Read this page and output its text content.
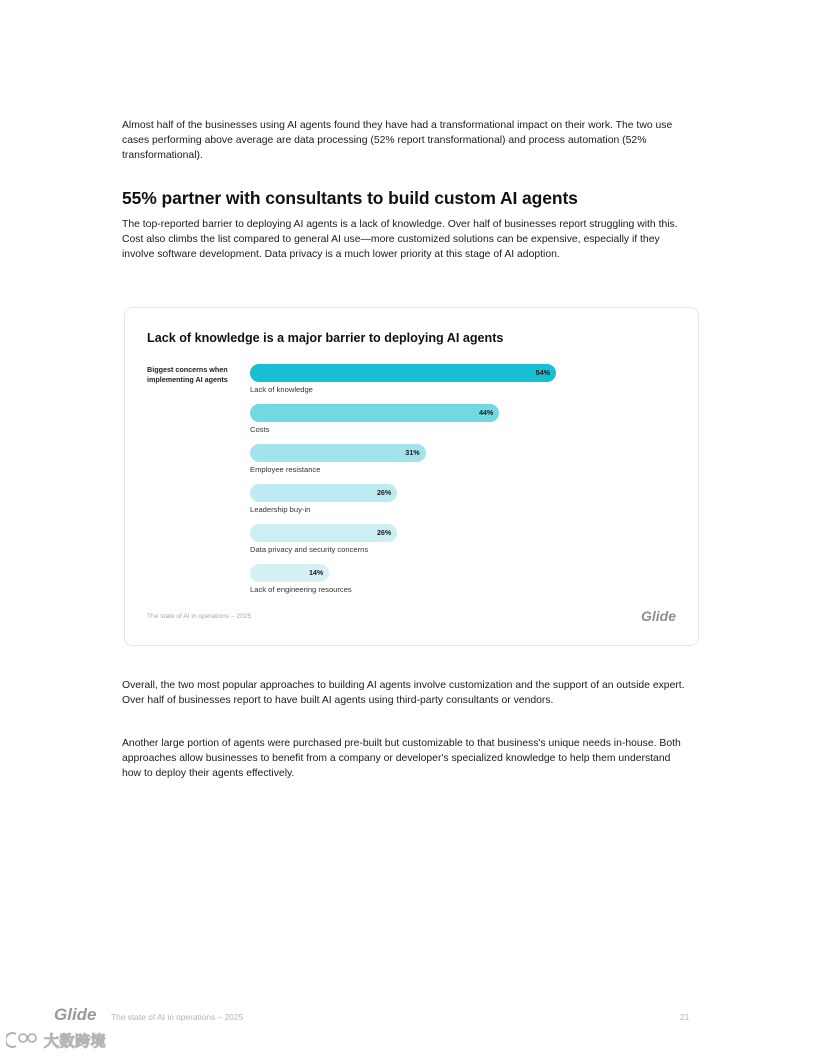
Almost half of the businesses using AI agents found they have had a transformational impact on their work. The two use cases performing above average are data processing (52% report transformational) and process automation (52% transformational).

55% partner with consultants to build custom AI agents

The top-reported barrier to deploying AI agents is a lack of knowledge. Over half of businesses report struggling with this. Cost also climbs the list compared to general AI use—more customized solutions can be expensive, especially if they involve software development. Data privacy is a much lower priority at this stage of AI adoption.

Lack of knowledge is a major barrier to deploying AI agents
Biggest concerns when implementing AI agents
54%
Lack of knowledge
44%
Costs
31%
Employee resistance
26%
Leadership buy-in
26%
Data privacy and security concerns
14%
Lack of engineering resources
The state of AI in operations – 2025	Glide

Overall, the two most popular approaches to building AI agents involve customization and the support of an outside expert. Over half of businesses report to have built AI agents using third-party consultants or vendors.

Another large portion of agents were purchased pre-built but customizable to that business's unique needs in-house. Both approaches allow businesses to benefit from a company or developer's specialized knowledge to help them understand how to deploy their agents effectively.

Glide The state of AI in operations – 2025	21
大数跨境
